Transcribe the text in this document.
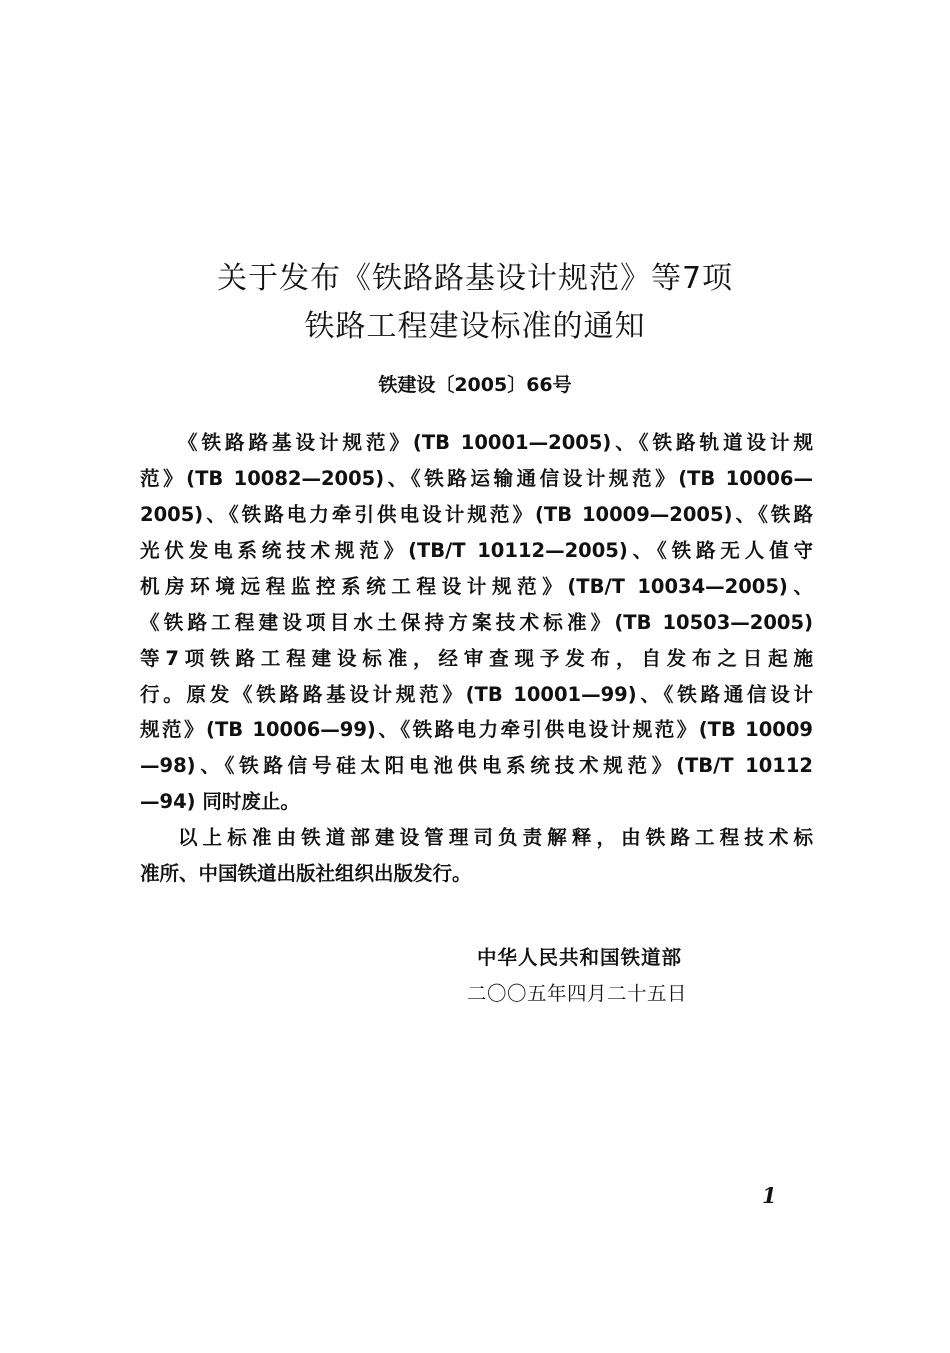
关于发布《铁路路基设计规范》等7项
铁路工程建设标准的通知
铁建设〔2005〕66号
《铁路路基设计规范》(TB 10001—2005)、《铁路轨道设计规
范》(TB 10082—2005)、《铁路运输通信设计规范》(TB 10006—
2005)、《铁路电力牵引供电设计规范》(TB 10009—2005)、《铁路
光伏发电系统技术规范》(TB/T 10112—2005)、《铁路无人值守
机房环境远程监控系统工程设计规范》(TB/T 10034—2005)、
《铁路工程建设项目水土保持方案技术标准》(TB 10503—2005)
等7项铁路工程建设标准，经审查现予发布，自发布之日起施
行。原发《铁路路基设计规范》(TB 10001—99)、《铁路通信设计
规范》(TB 10006—99)、《铁路电力牵引供电设计规范》(TB 10009
—98)、《铁路信号硅太阳电池供电系统技术规范》(TB/T 10112
—94) 同时废止。
以上标准由铁道部建设管理司负责解释，由铁路工程技术标
准所、中国铁道出版社组织出版发行。
中华人民共和国铁道部
二〇〇五年四月二十五日
1
